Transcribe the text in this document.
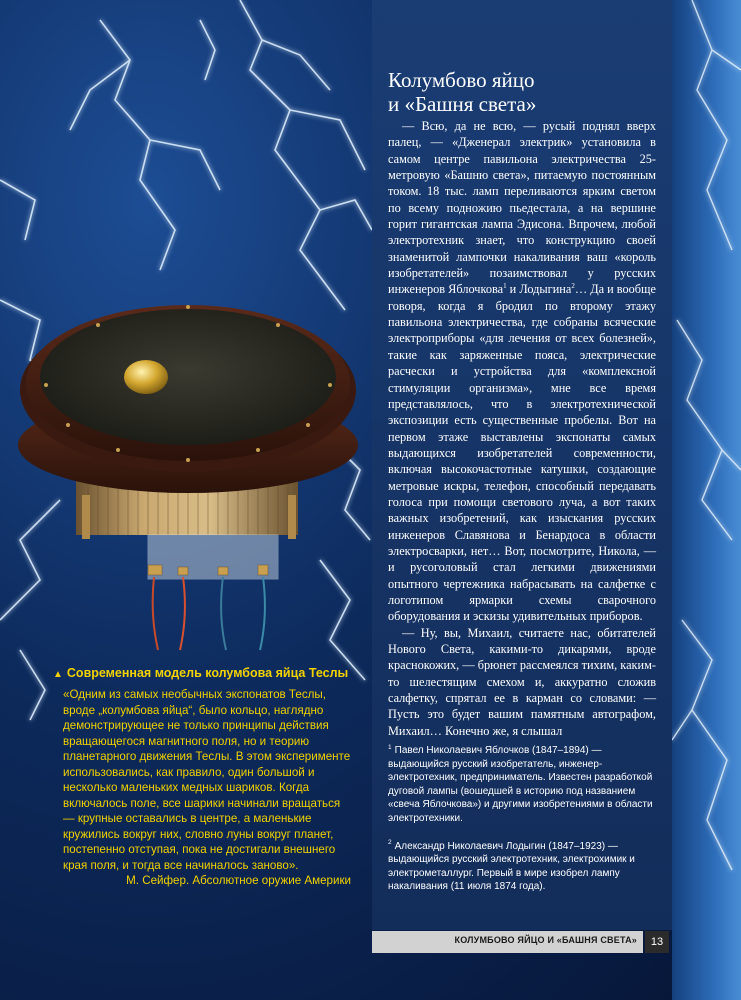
Колумбово яйцо
и «Башня света»

— Всю, да не всю, — русый поднял вверх палец, — «Дженерал электрик» установила в самом центре павильона электричества 25-метровую «Башню света», питаемую постоянным током. 18 тыс. ламп переливаются ярким светом по всему подножию пьедестала, а на вершине горит гигантская лампа Эдисона. Впрочем, любой электротехник знает, что конструкцию своей знаменитой лампочки накаливания ваш «король изобретателей» позаимствовал у русских инженеров Яблочкова$^1$ и Лодыгина$^2$… Да и вообще говоря, когда я бродил по второму этажу павильона электричества, где собраны всяческие электроприборы «для лечения от всех болезней», такие как заряженные пояса, электрические расчески и устройства для «комплексной стимуляции организма», мне все время представлялось, что в электротехнической экспозиции есть существенные пробелы. Вот на первом этаже выставлены экспонаты самых выдающихся изобретателей современности, включая высокочастотные катушки, создающие метровые искры, телефон, способный передавать голоса при помощи светового луча, а вот таких важных изобретений, как изыскания русских инженеров Славянова и Бенардоса в области электросварки, нет… Вот, посмотрите, Никола, — и русоголовый стал легкими движениями опытного чертежника набрасывать на салфетке с логотипом ярмарки схемы сварочного оборудования и эскизы удивительных приборов.

— Ну, вы, Михаил, считаете нас, обитателей Нового Света, какими-то дикарями, вроде краснокожих, — брюнет рассмеялся тихим, каким-то шелестящим смехом и, аккуратно сложив салфетку, спрятал ее в карман со словами: — Пусть это будет вашим памятным автографом, Михаил… Конечно же, я слышал

$^1$ Павел Николаевич Яблочков (1847–1894) — выдающийся русский изобретатель, инженер-электротехник, предприниматель. Известен разработкой дуговой лампы (вошедшей в историю под названием «свеча Яблочкова») и другими изобретениями в области электротехники.

$^2$ Александр Николаевич Лодыгин (1847–1923) — выдающийся русский электротехник, электрохимик и электрометаллург. Первый в мире изобрел лампу накаливания (11 июля 1874 года).

▲ Современная модель колумбова яйца Теслы

«Одним из самых необычных экспонатов Теслы, вроде „колумбова яйца“, было кольцо, наглядно демонстрирующее не только принципы действия вращающегося магнитного поля, но и теорию планетарного движения Теслы. В этом эксперименте использовались, как правило, один большой и несколько маленьких медных шариков. Когда включалось поле, все шарики начинали вращаться — крупные оставались в центре, а маленькие кружились вокруг них, словно луны вокруг планет, постепенно отступая, пока не достигали внешнего края поля, и тогда все начиналось заново».

М. Сейфер. Абсолютное оружие Америки

КОЛУМБОВО ЯЙЦО И «БАШНЯ СВЕТА»	13
